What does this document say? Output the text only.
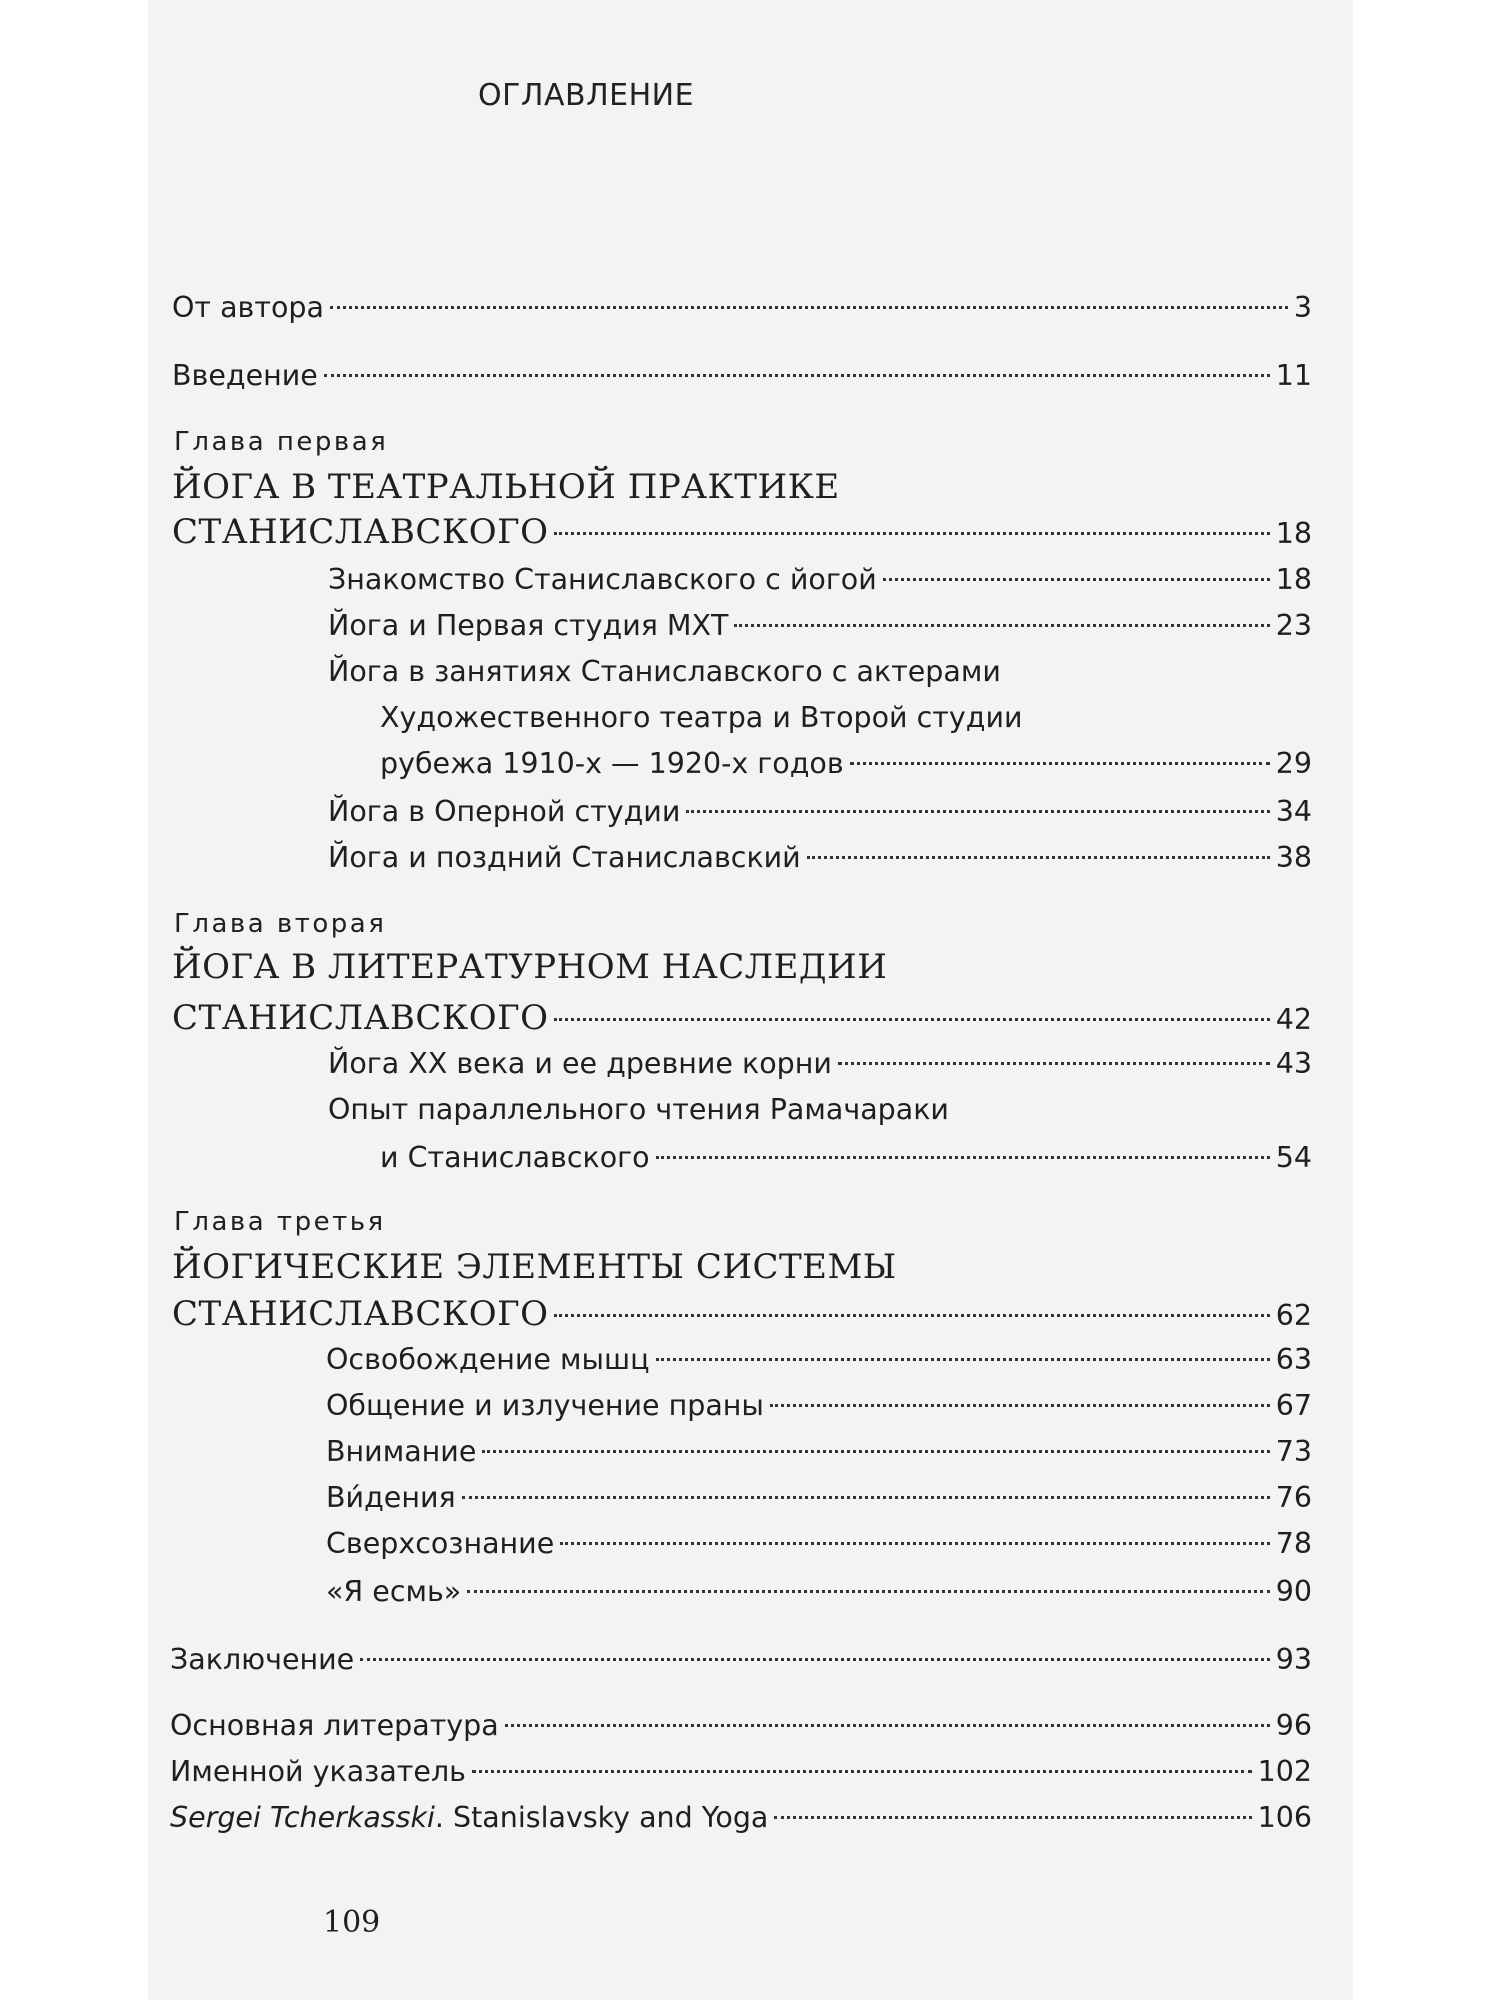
ОГЛАВЛЕНИЕ
От автора	3
Введение	11
Глава первая
ЙОГА В ТЕАТРАЛЬНОЙ ПРАКТИКЕ
СТАНИСЛАВСКОГО	18
Знакомство Станиславского с йогой	18
Йога и Первая студия МХТ	23
Йога в занятиях Станиславского с актерами
Художественного театра и Второй студии
рубежа 1910-х — 1920-х годов	29
Йога в Оперной студии	34
Йога и поздний Станиславский	38
Глава вторая
ЙОГА В ЛИТЕРАТУРНОМ НАСЛЕДИИ
СТАНИСЛАВСКОГО	42
Йога XX века и ее древние корни	43
Опыт параллельного чтения Рамачараки
и Станиславского	54
Глава третья
ЙОГИЧЕСКИЕ ЭЛЕМЕНТЫ СИСТЕМЫ
СТАНИСЛАВСКОГО	62
Освобождение мышц	63
Общение и излучение праны	67
Внимание	73
Ви́дения	76
Сверхсознание	78
«Я есмь»	90
Заключение	93
Основная литература	96
Именной указатель	102
Sergei Tcherkasski. Stanislavsky and Yoga	106
109
